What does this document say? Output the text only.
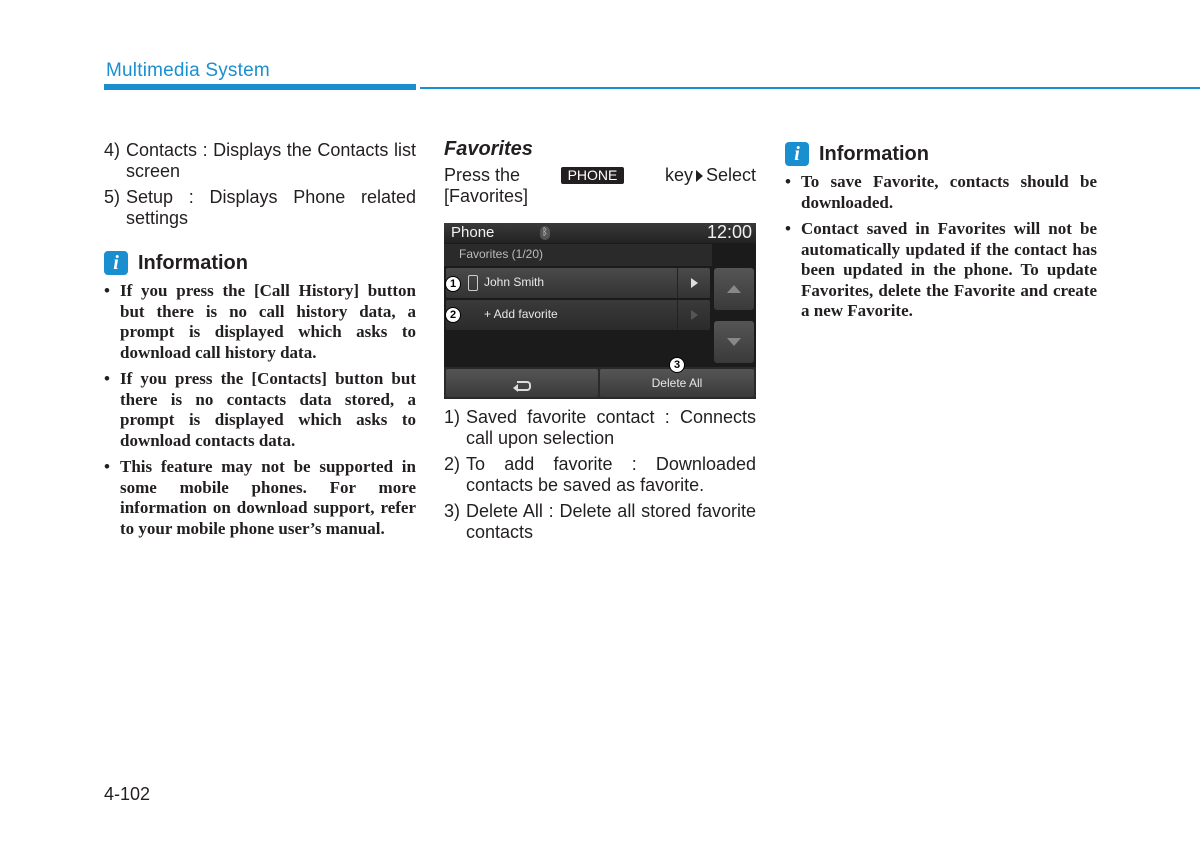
Multimedia System
4) Contacts : Displays the Contacts list screen
5) Setup : Displays Phone related settings
i Information
• If you press the [Call History] button but there is no call history data, a prompt is displayed which asks to download call history data.
• If you press the [Contacts] button but there is no contacts data stored, a prompt is displayed which asks to download contacts data.
• This feature may not be supported in some mobile phones. For more information on download support, refer to your mobile phone user’s manual.
Favorites
Press the	PHONE	key Select
[Favorites]
Phone	ᛒ	12:00
Favorites (1/20)
John Smith
+ Add favorite
Delete All
1
2
3
1) Saved favorite contact : Connects call upon selection
2) To add favorite : Downloaded contacts be saved as favorite.
3) Delete All : Delete all stored favorite contacts
i Information
• To save Favorite, contacts should be downloaded.
• Contact saved in Favorites will not be automatically updated if the contact has been updated in the phone. To update Favorites, delete the Favorite and create a new Favorite.
4-102
